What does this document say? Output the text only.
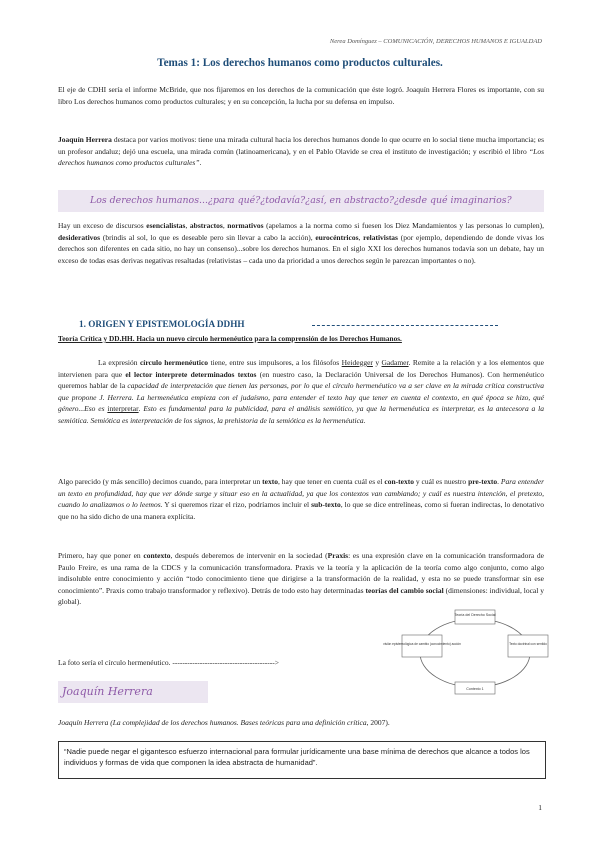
Nerea Domínguez – COMUNICACIÓN, DERECHOS HUMANOS E IGUALDAD
Temas 1: Los derechos humanos como productos culturales.

El eje de CDHI sería el informe McBride, que nos fijaremos en los derechos de la comunicación que éste logró. Joaquín Herrera Flores es importante, con su libro Los derechos humanos como productos culturales; y en su concepción, la lucha por su defensa en impulso.

Joaquín Herrera destaca por varios motivos: tiene una mirada cultural hacia los derechos humanos donde lo que ocurre en lo social tiene mucha importancia; es un profesor andaluz; dejó una escuela, una mirada común (latinoamericana), y en el Pablo Olavide se crea el instituto de investigación; y escribió el libro “Los derechos humanos como productos culturales”.

Los derechos humanos...¿para qué?¿todavía?¿así, en abstracto?¿desde qué imaginarios?

Hay un exceso de discursos esencialistas, abstractos, normativos (apelamos a la norma como si fuesen los Diez Mandamientos y las personas lo cumplen), desiderativos (brindis al sol, lo que es deseable pero sin llevar a cabo la acción), eurocéntricos, relativistas (por ejemplo, dependiendo de donde vivas los derechos son diferentes en cada sitio, no hay un consenso)...sobre los derechos humanos. En el siglo XXI los derechos humanos todavía son un debate, hay un exceso de todas esas derivas negativas resaltadas (relativistas – cada uno da prioridad a unos derechos según le parezcan importantes o no).

1. ORIGEN Y EPISTEMOLOGÍA DDHH

Teoría Crítica y DD.HH. Hacia un nuevo círculo hermenéutico para la comprensión de los Derechos Humanos.

La expresión círculo hermenéutico tiene, entre sus impulsores, a los filósofos Heidegger y Gadamer. Remite a la relación y a los elementos que intervienen para que el lector interprete determinados textos (en nuestro caso, la Declaración Universal de los Derechos Humanos). Con hermenéutico queremos hablar de la capacidad de interpretación que tienen las personas, por lo que el círculo hermenéutico va a ser clave en la mirada crítica constructiva que propone J. Herrera. La hermenéutica empieza con el judaísmo, para entender el texto hay que tener en cuenta el contexto, en qué época se hizo, qué género...Eso es interpretar. Esto es fundamental para la publicidad, para el análisis semiótico, ya que la hermenéutica es interpretar, es la antecesora a la semiótica. Semiótica es interpretación de los signos, la prehistoria de la semiótica es la hermenéutica.

Algo parecido (y más sencillo) decimos cuando, para interpretar un texto, hay que tener en cuenta cuál es el con-texto y cuál es nuestro pre-texto. Para entender un texto en profundidad, hay que ver dónde surge y situar eso en la actualidad, ya que los contextos van cambiando; y cuál es nuestra intención, el pretexto, cuando lo analizamos o lo leemos. Y si queremos rizar el rizo, podríamos incluir el sub-texto, lo que se dice entrelíneas, como si fueran indirectas, lo denotativo que no ha sido dicho de una manera explícita.

Primero, hay que poner en contexto, después deberemos de intervenir en la sociedad (Praxis: es una expresión clave en la comunicación transformadora de Paulo Freire, es una rama de la CDCS y la comunicación transformadora. Praxis ve la teoría y la aplicación de la teoría como algo conjunto, como algo indisoluble entre conocimiento y acción “todo conocimiento tiene que dirigirse a la transformación de la realidad, y esta no se puede transformar sin ese conocimiento”. Praxis como trabajo transformador y reflexivo). Detrás de todo esto hay determinadas teorías del cambio social (dimensiones: individual, local y global).

La foto sería el círculo hermenéutico. ----------------------------------------->

Teoría del Derecho Social
visión epistemológica de cambio (conocimiento) acción	Texto doctrinal con sentido
Contexto 1
Joaquín Herrera

Joaquín Herrera (La complejidad de los derechos humanos. Bases teóricas para una definición crítica, 2007).

“Nadie puede negar el gigantesco esfuerzo internacional para formular jurídicamente una base mínima de derechos que alcance a todos los individuos y formas de vida que componen la idea abstracta de humanidad”.
1
